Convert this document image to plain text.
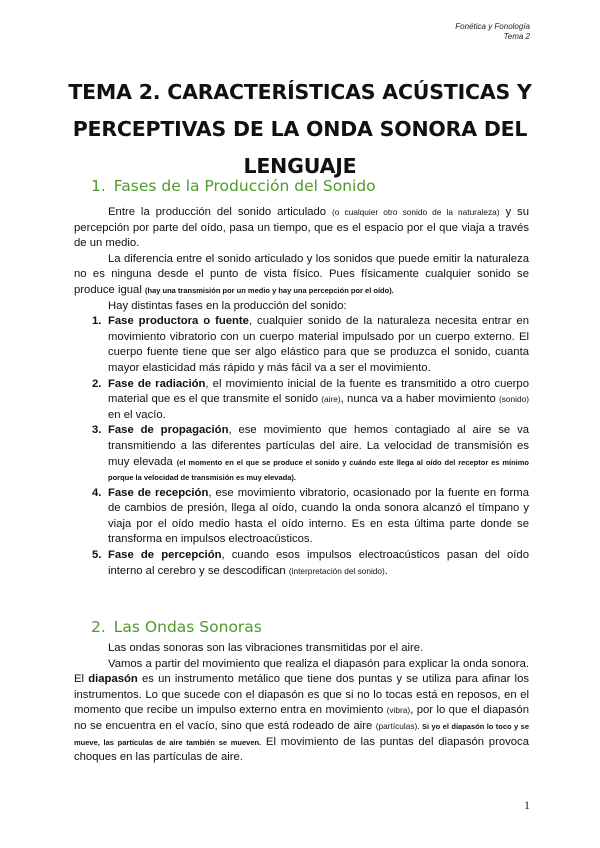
Fonética y Fonología
Tema 2
TEMA 2. CARACTERÍSTICAS ACÚSTICAS Y PERCEPTIVAS DE LA ONDA SONORA DEL LENGUAJE
1. Fases de la Producción del Sonido

Entre la producción del sonido articulado (o cualquier otro sonido de la naturaleza) y su percepción por parte del oído, pasa un tiempo, que es el espacio por el que viaja a través de un medio.

La diferencia entre el sonido articulado y los sonidos que puede emitir la naturaleza no es ninguna desde el punto de vista físico. Pues físicamente cualquier sonido se produce igual (hay una transmisión por un medio y hay una percepción por el oído).

Hay distintas fases en la producción del sonido:

1. Fase productora o fuente, cualquier sonido de la naturaleza necesita entrar en movimiento vibratorio con un cuerpo material impulsado por un cuerpo externo. El cuerpo fuente tiene que ser algo elástico para que se produzca el sonido, cuanta mayor elasticidad más rápido y más fácil va a ser el movimiento.
2. Fase de radiación, el movimiento inicial de la fuente es transmitido a otro cuerpo material que es el que transmite el sonido (aire), nunca va a haber movimiento (sonido) en el vacío.
3. Fase de propagación, ese movimiento que hemos contagiado al aire se va transmitiendo a las diferentes partículas del aire. La velocidad de transmisión es muy elevada (el momento en el que se produce el sonido y cuándo este llega al oído del receptor es mínimo porque la velocidad de transmisión es muy elevada).
4. Fase de recepción, ese movimiento vibratorio, ocasionado por la fuente en forma de cambios de presión, llega al oído, cuando la onda sonora alcanzó el tímpano y viaja por el oído medio hasta el oído interno. Es en esta última parte donde se transforma en impulsos electroacústicos.
5. Fase de percepción, cuando esos impulsos electroacústicos pasan del oído interno al cerebro y se descodifican (interpretación del sonido).
2. Las Ondas Sonoras

Las ondas sonoras son las vibraciones transmitidas por el aire.

Vamos a partir del movimiento que realiza el diapasón para explicar la onda sonora. El diapasón es un instrumento metálico que tiene dos puntas y se utiliza para afinar los instrumentos. Lo que sucede con el diapasón es que si no lo tocas está en reposos, en el momento que recibe un impulso externo entra en movimiento (vibra), por lo que el diapasón no se encuentra en el vacío, sino que está rodeado de aire (partículas). Si yo el diapasón lo toco y se mueve, las partículas de aire también se mueven. El movimiento de las puntas del diapasón provoca choques en las partículas de aire.

1
